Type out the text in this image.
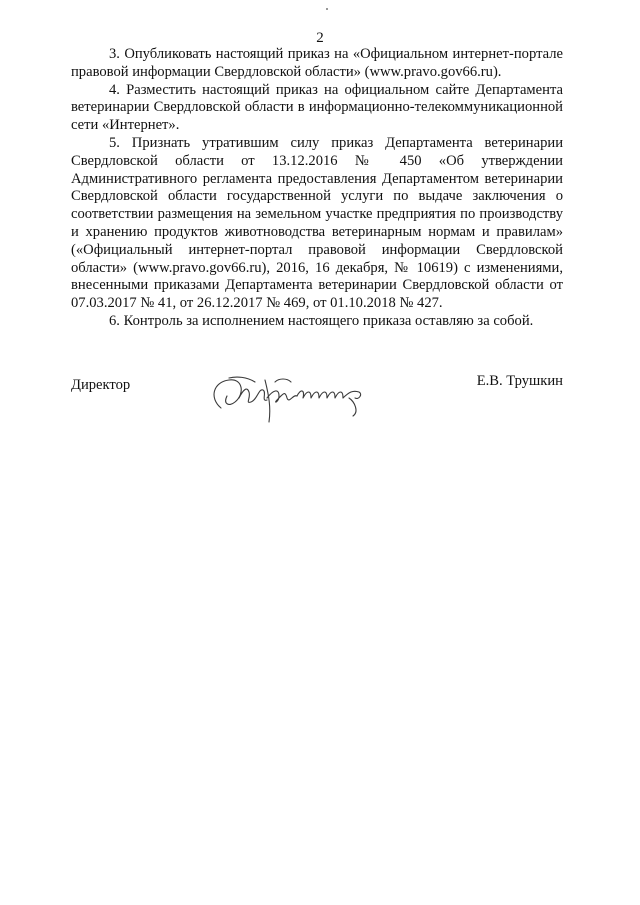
2

3. Опубликовать настоящий приказ на «Официальном интернет-портале правовой информации Свердловской области» (www.pravo.gov66.ru).

4. Разместить настоящий приказ на официальном сайте Департамента ветеринарии Свердловской области в информационно-телекоммуникационной сети «Интернет».

5. Признать утратившим силу приказ Департамента ветеринарии Свердловской области от 13.12.2016 № 450 «Об утверждении Административного регламента предоставления Департаментом ветеринарии Свердловской области государственной услуги по выдаче заключения о соответствии размещения на земельном участке предприятия по производству и хранению продуктов животноводства ветеринарным нормам и правилам» («Официальный интернет-портал правовой информации Свердловской области» (www.pravo.gov66.ru), 2016, 16 декабря, № 10619) с изменениями, внесенными приказами Департамента ветеринарии Свердловской области от 07.03.2017 № 41, от 26.12.2017 № 469, от 01.10.2018 № 427.

6. Контроль за исполнением настоящего приказа оставляю за собой.

Директор	Е.В. Трушкин
